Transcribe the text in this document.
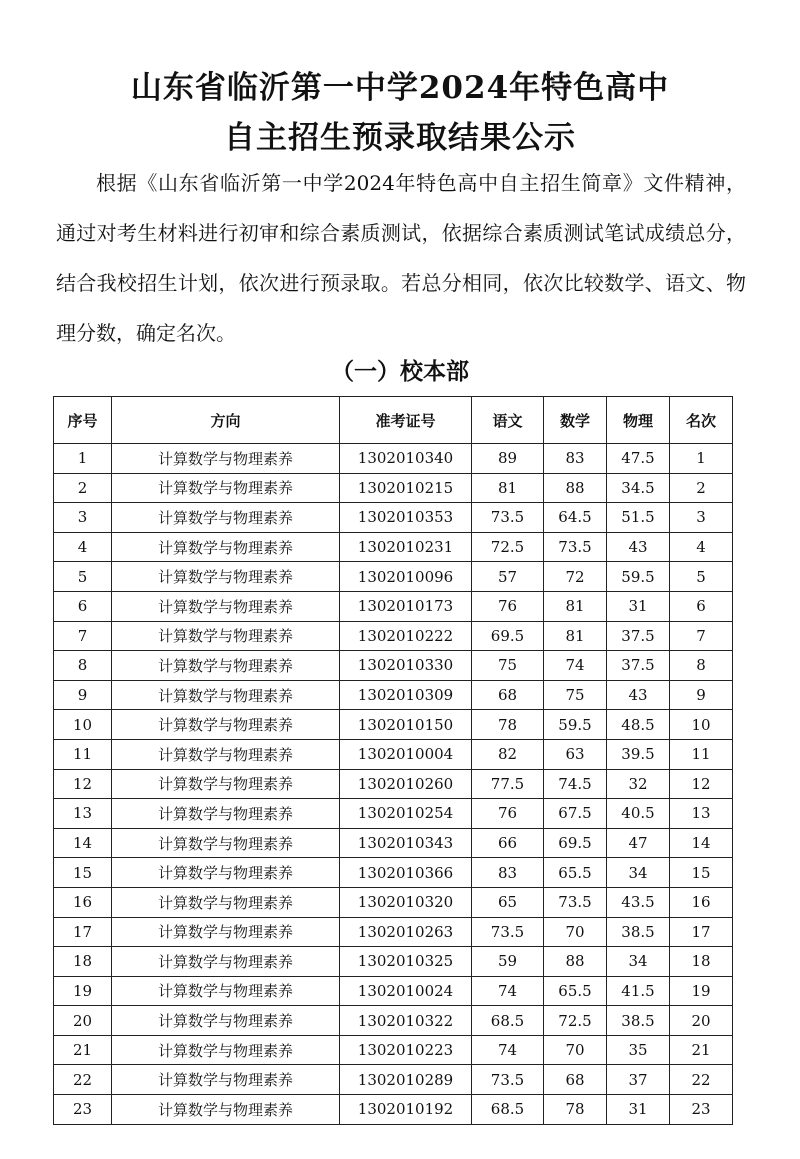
山东省临沂第一中学2024年特色高中
自主招生预录取结果公示

根据《山东省临沂第一中学2024年特色高中自主招生简章》文件精神，通过对考生材料进行初审和综合素质测试，依据综合素质测试笔试成绩总分，结合我校招生计划，依次进行预录取。若总分相同，依次比较数学、语文、物理分数，确定名次。

（一）校本部
序号	方向	准考证号	语文	数学	物理	名次
1	计算数学与物理素养	1302010340	89	83	47.5	1
2	计算数学与物理素养	1302010215	81	88	34.5	2
3	计算数学与物理素养	1302010353	73.5	64.5	51.5	3
4	计算数学与物理素养	1302010231	72.5	73.5	43	4
5	计算数学与物理素养	1302010096	57	72	59.5	5
6	计算数学与物理素养	1302010173	76	81	31	6
7	计算数学与物理素养	1302010222	69.5	81	37.5	7
8	计算数学与物理素养	1302010330	75	74	37.5	8
9	计算数学与物理素养	1302010309	68	75	43	9
10	计算数学与物理素养	1302010150	78	59.5	48.5	10
11	计算数学与物理素养	1302010004	82	63	39.5	11
12	计算数学与物理素养	1302010260	77.5	74.5	32	12
13	计算数学与物理素养	1302010254	76	67.5	40.5	13
14	计算数学与物理素养	1302010343	66	69.5	47	14
15	计算数学与物理素养	1302010366	83	65.5	34	15
16	计算数学与物理素养	1302010320	65	73.5	43.5	16
17	计算数学与物理素养	1302010263	73.5	70	38.5	17
18	计算数学与物理素养	1302010325	59	88	34	18
19	计算数学与物理素养	1302010024	74	65.5	41.5	19
20	计算数学与物理素养	1302010322	68.5	72.5	38.5	20
21	计算数学与物理素养	1302010223	74	70	35	21
22	计算数学与物理素养	1302010289	73.5	68	37	22
23	计算数学与物理素养	1302010192	68.5	78	31	23
